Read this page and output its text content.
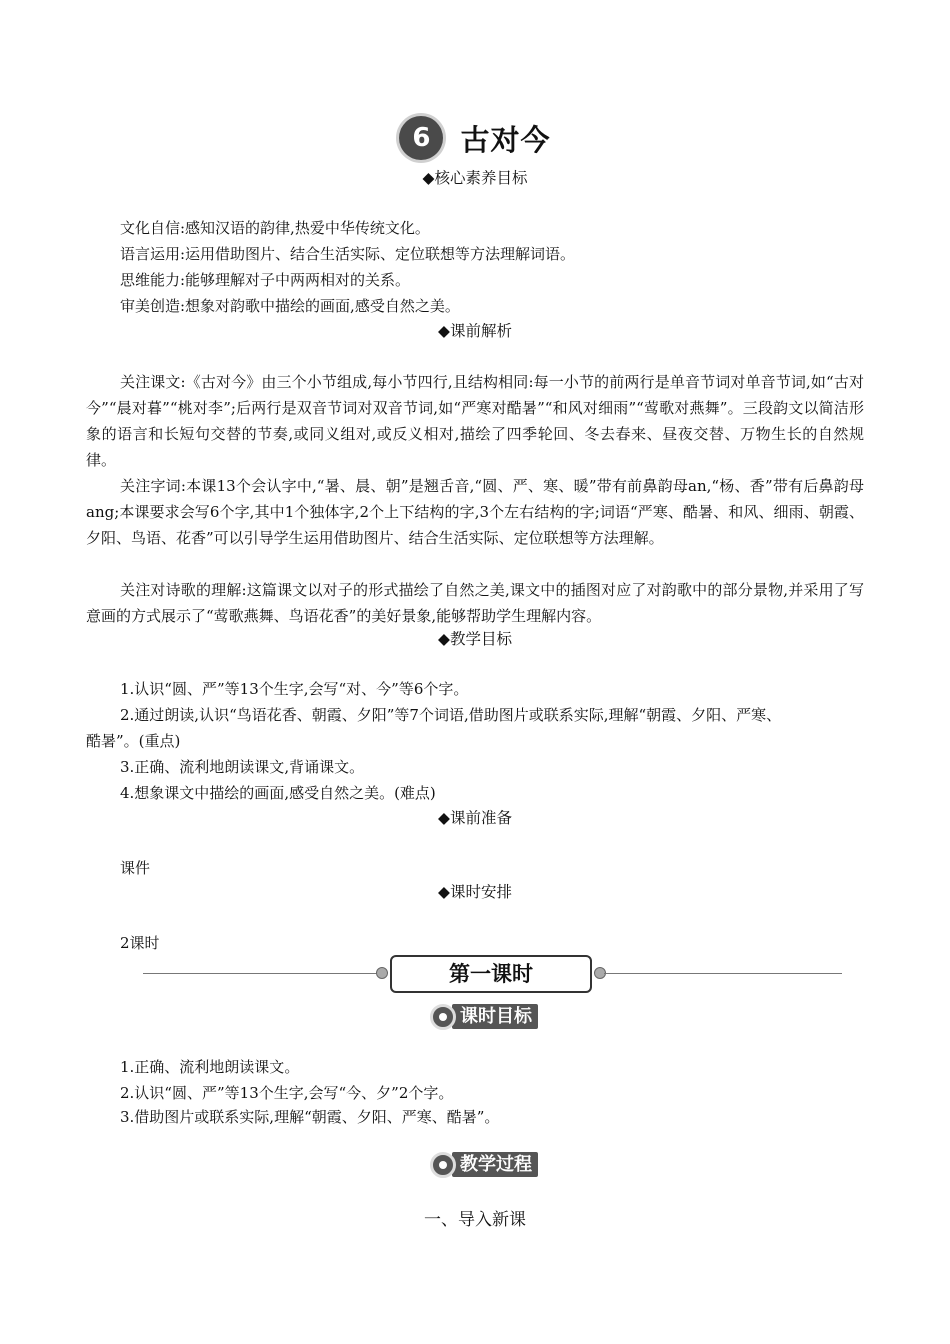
6 古对今
◆核心素养目标
文化自信:感知汉语的韵律,热爱中华传统文化。
语言运用:运用借助图片、结合生活实际、定位联想等方法理解词语。
思维能力:能够理解对子中两两相对的关系。
审美创造:想象对韵歌中描绘的画面,感受自然之美。
◆课前解析
关注课文:《古对今》由三个小节组成,每小节四行,且结构相同:每一小节的前两行是单音节词对单音节词,如“古对今”“晨对暮”“桃对李”;后两行是双音节词对双音节词,如“严寒对酷暑”“和风对细雨”“莺歌对燕舞”。三段韵文以简洁形象的语言和长短句交替的节奏,或同义组对,或反义相对,描绘了四季轮回、冬去春来、昼夜交替、万物生长的自然规律。
关注字词:本课13个会认字中,“暑、晨、朝”是翘舌音,“圆、严、寒、暖”带有前鼻韵母an,“杨、香”带有后鼻韵母ang;本课要求会写6个字,其中1个独体字,2个上下结构的字,3个左右结构的字;词语“严寒、酷暑、和风、细雨、朝霞、夕阳、鸟语、花香”可以引导学生运用借助图片、结合生活实际、定位联想等方法理解。
关注对诗歌的理解:这篇课文以对子的形式描绘了自然之美,课文中的插图对应了对韵歌中的部分景物,并采用了写意画的方式展示了“莺歌燕舞、鸟语花香”的美好景象,能够帮助学生理解内容。
◆教学目标
1.认识“圆、严”等13个生字,会写“对、今”等6个字。
2.通过朗读,认识“鸟语花香、朝霞、夕阳”等7个词语,借助图片或联系实际,理解“朝霞、夕阳、严寒、
酷暑”。(重点)
3.正确、流利地朗读课文,背诵课文。
4.想象课文中描绘的画面,感受自然之美。(难点)
◆课前准备
课件
◆课时安排
2课时
第一课时
课时目标
1.正确、流利地朗读课文。
2.认识“圆、严”等13个生字,会写“今、夕”2个字。
3.借助图片或联系实际,理解“朝霞、夕阳、严寒、酷暑”。
教学过程
一、导入新课
